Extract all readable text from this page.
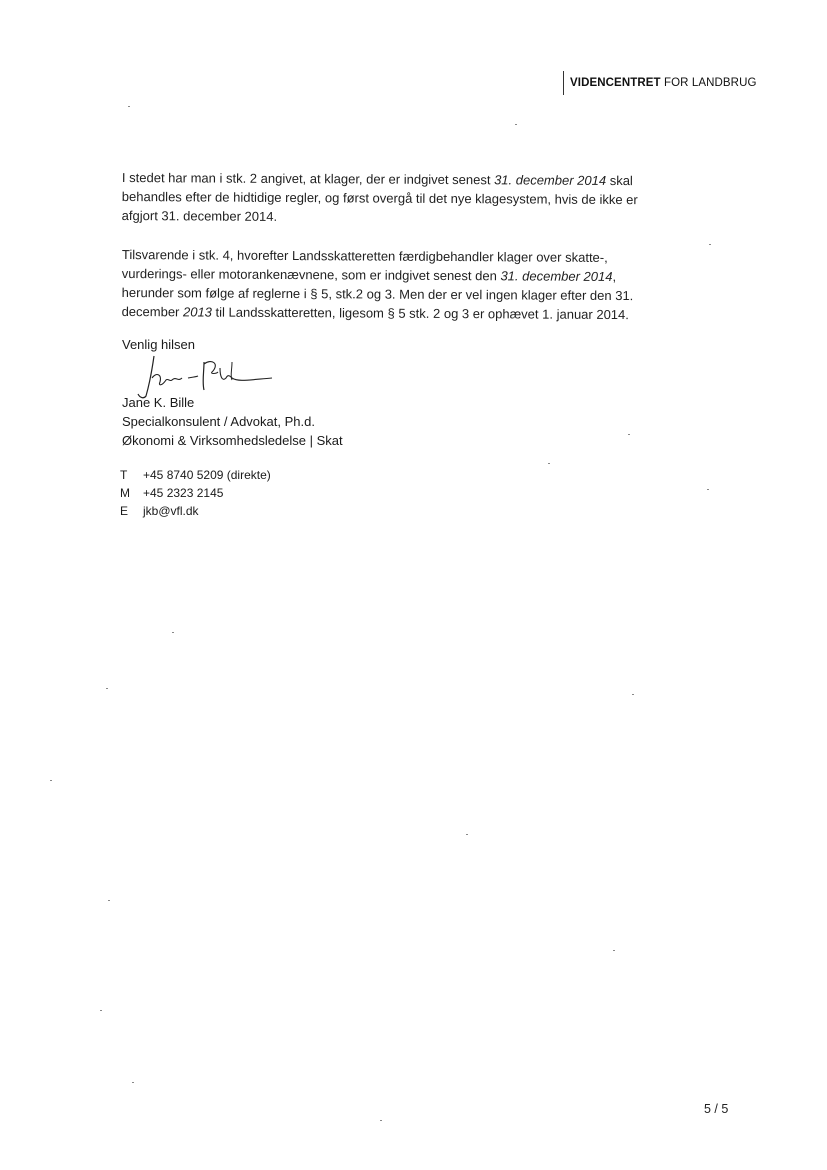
VIDENCENTRET FOR LANDBRUG

I stedet har man i stk. 2 angivet, at klager, der er indgivet senest 31. december 2014 skal behandles efter de hidtidige regler, og først overgå til det nye klagesystem, hvis de ikke er afgjort 31. december 2014.

Tilsvarende i stk. 4, hvorefter Landsskatteretten færdigbehandler klager over skatte-, vurderings- eller motorankenævnene, som er indgivet senest den 31. december 2014, herunder som følge af reglerne i § 5, stk.2 og 3. Men der er vel ingen klager efter den 31. december 2013 til Landsskatteretten, ligesom § 5 stk. 2 og 3 er ophævet 1. januar 2014.

Venlig hilsen
Jane K. Bille
Specialkonsulent / Advokat, Ph.d.
Økonomi & Virksomhedsledelse | Skat
T	+45 8740 5209 (direkte)
M	+45 2323 2145
E	jkb@vfl.dk
5 / 5
